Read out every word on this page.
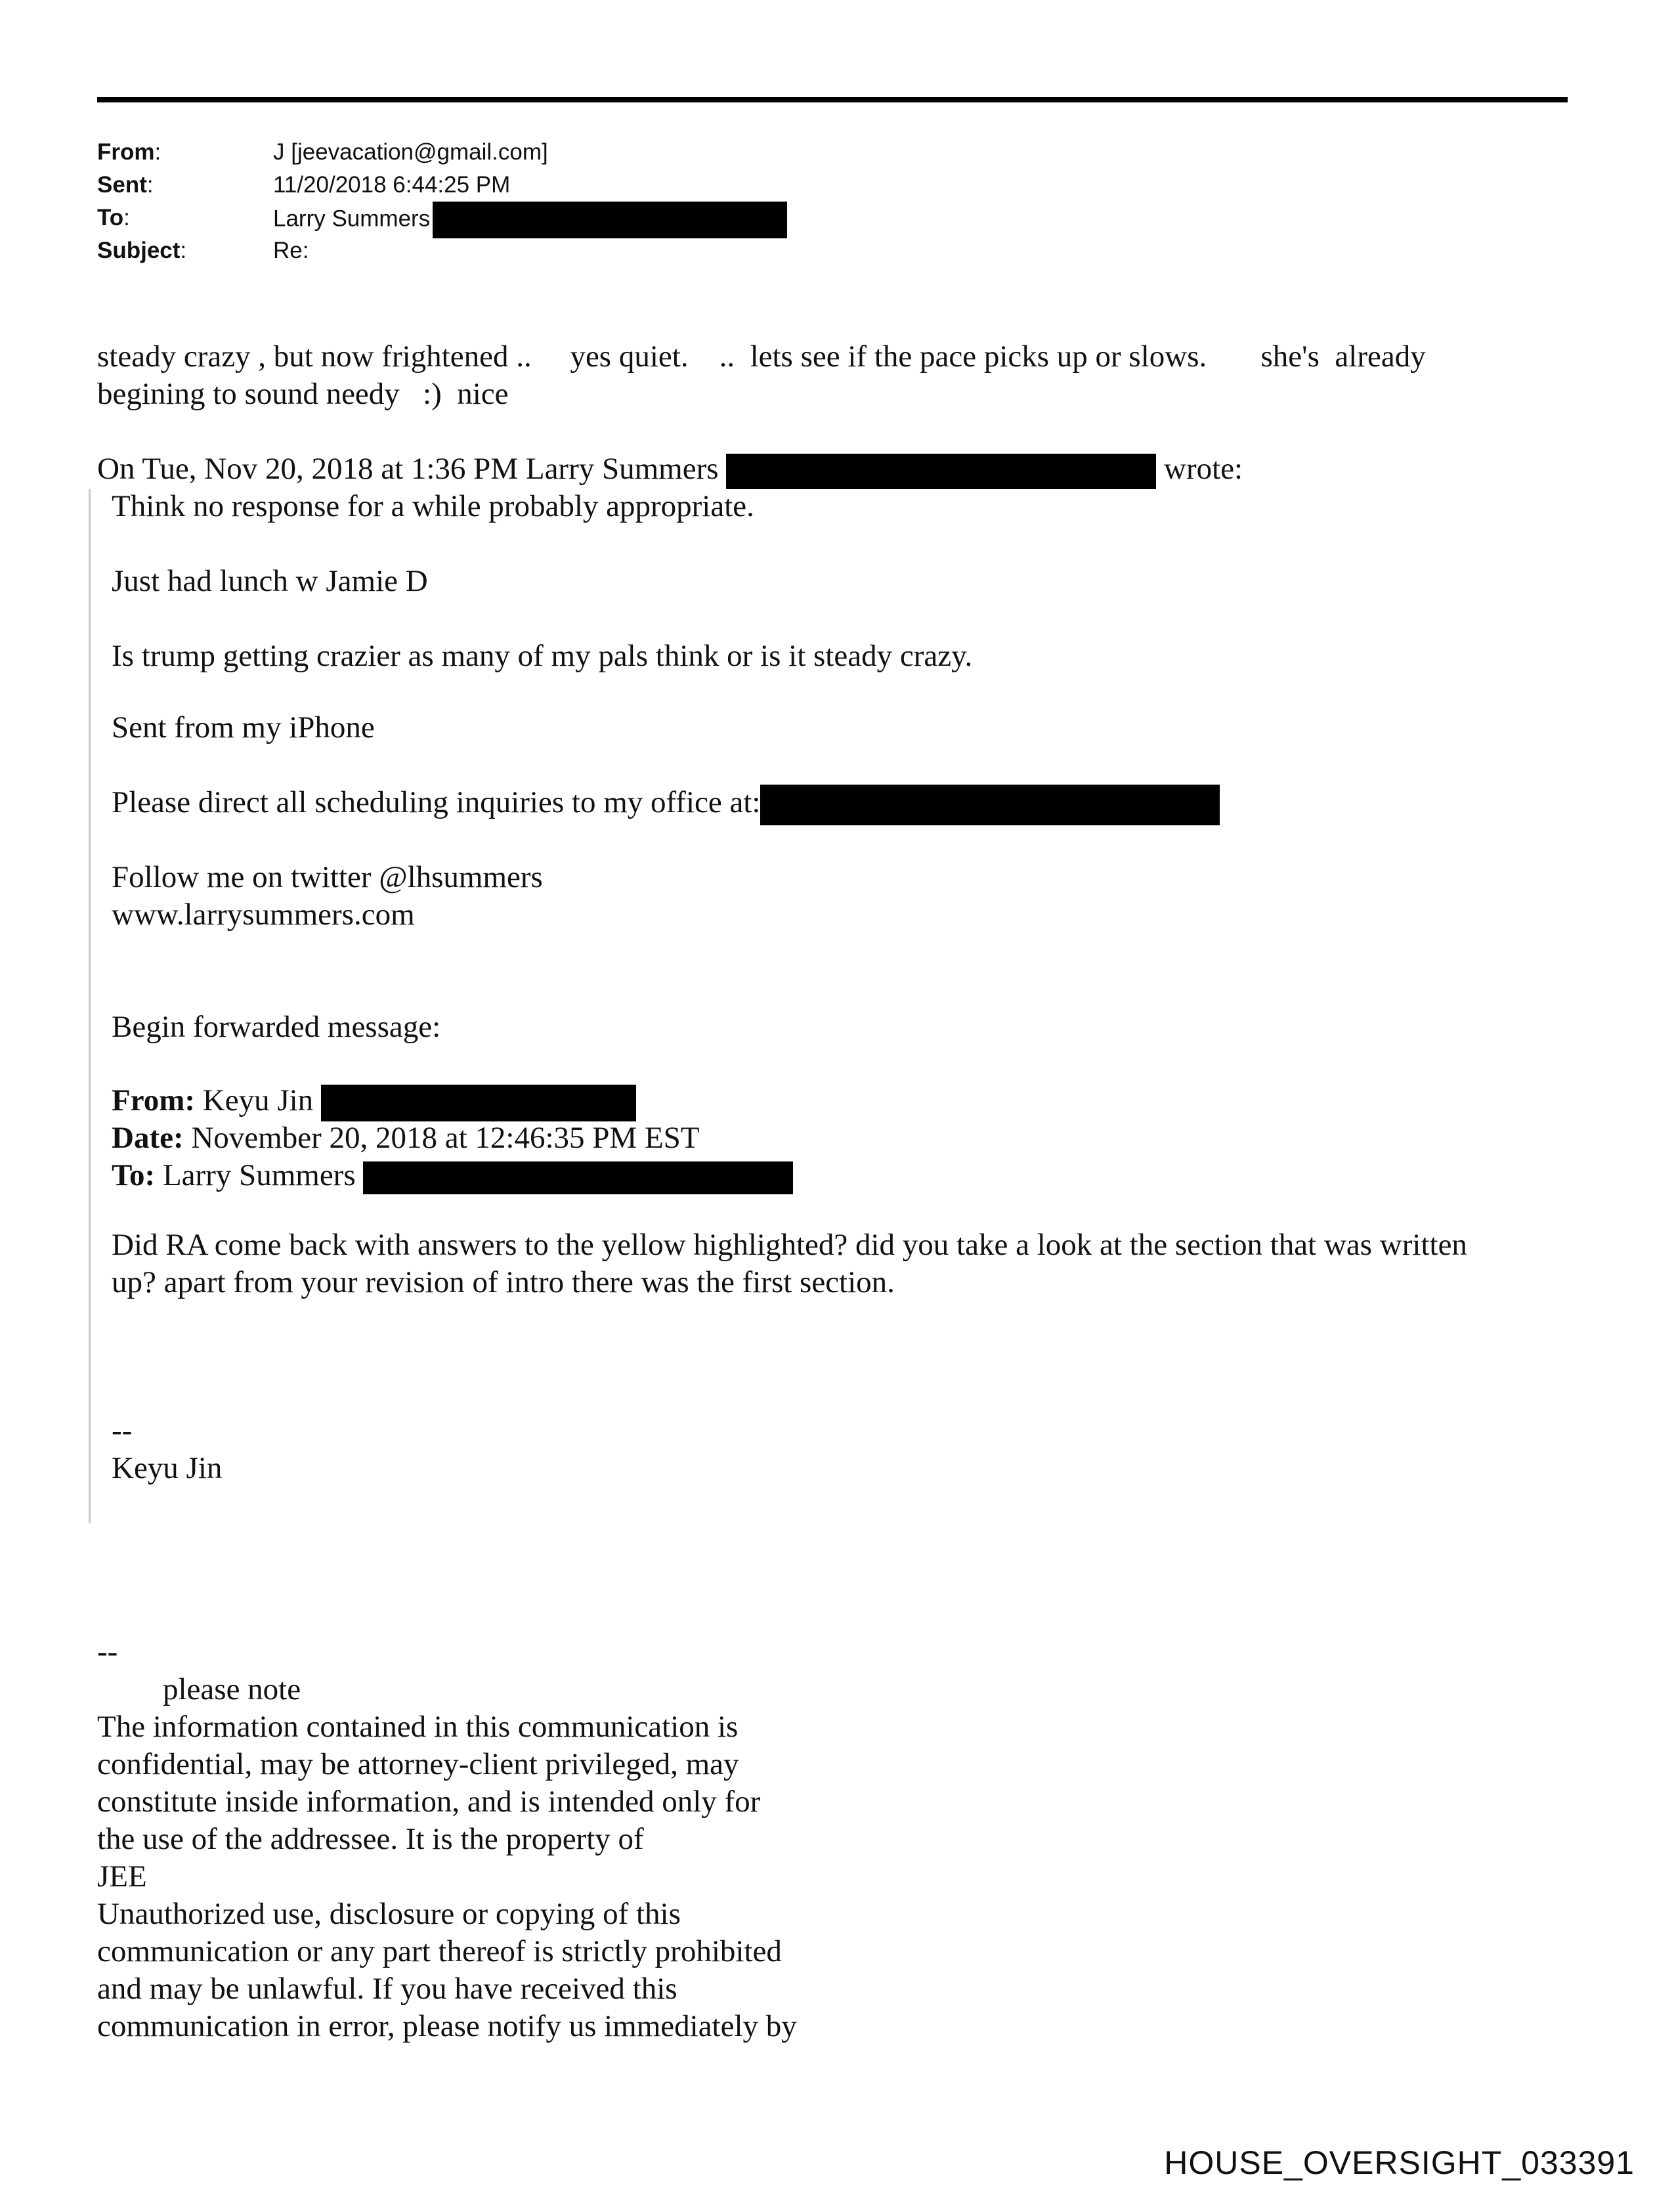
From:	J [jeevacation@gmail.com]
Sent:	11/20/2018 6:44:25 PM
To:	Larry Summers
Subject:	Re:
steady crazy , but now frightened ..     yes quiet.    ..  lets see if the pace picks up or slows.       she's  already
begining to sound needy   :)  nice
On Tue, Nov 20, 2018 at 1:36 PM Larry Summers	wrote:
Think no response for a while probably appropriate.
Just had lunch w Jamie D
Is trump getting crazier as many of my pals think or is it steady crazy.
Sent from my iPhone
Please direct all scheduling inquiries to my office at:
Follow me on twitter @lhsummers
www.larrysummers.com
Begin forwarded message:
From: Keyu Jin
Date: November 20, 2018 at 12:46:35 PM EST
To: Larry Summers
Did RA come back with answers to the yellow highlighted? did you take a look at the section that was written
up? apart from your revision of intro there was the first section.
--
Keyu Jin
--
please note
The information contained in this communication is
confidential, may be attorney-client privileged, may
constitute inside information, and is intended only for
the use of the addressee. It is the property of
JEE
Unauthorized use, disclosure or copying of this
communication or any part thereof is strictly prohibited
and may be unlawful. If you have received this
communication in error, please notify us immediately by
HOUSE_OVERSIGHT_033391
